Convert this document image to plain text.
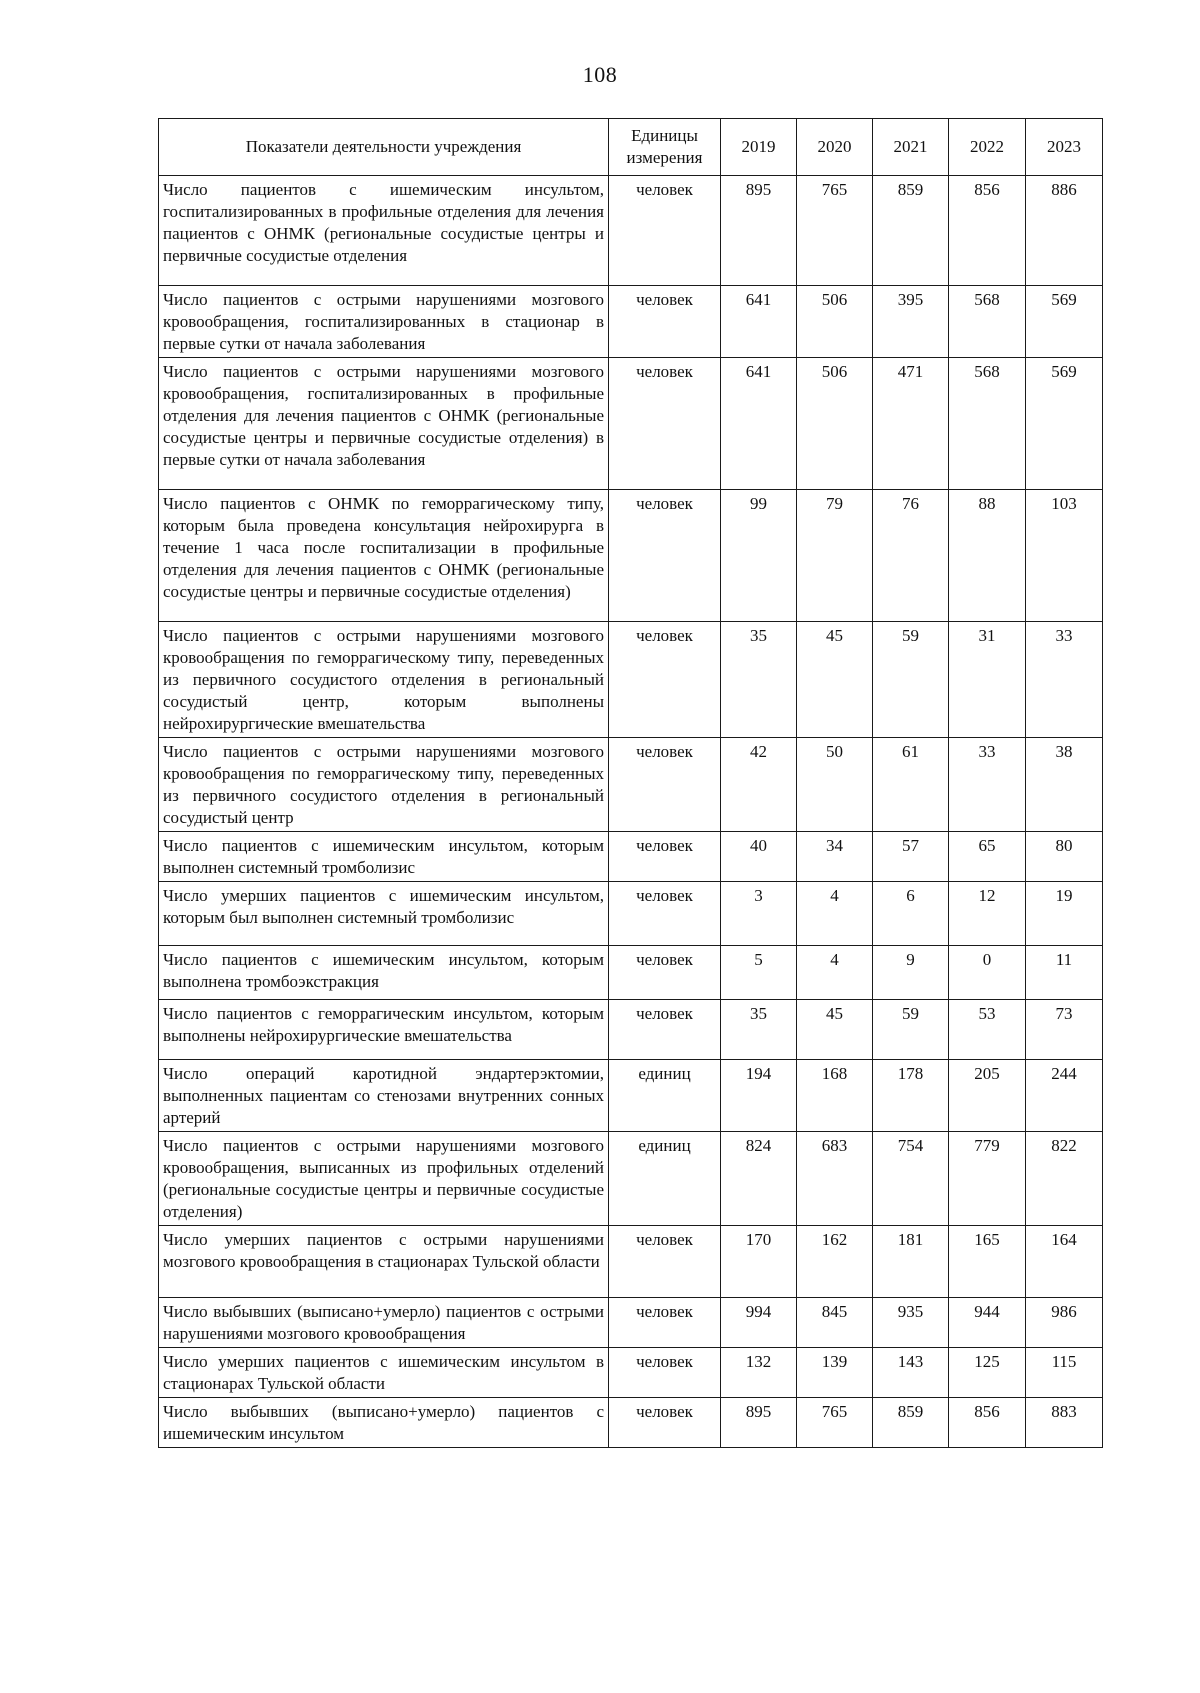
108
Показатели деятельности учреждения	Единицы измерения	2019	2020	2021	2022	2023
Число пациентов с ишемическим инсультом, госпитализированных в профильные отделения для лечения пациентов с ОНМК (региональные сосудистые центры и первичные сосудистые отделения	человек	895	765	859	856	886
Число пациентов с острыми нарушениями мозгового кровообращения, госпитализированных в стационар в первые сутки от начала заболевания	человек	641	506	395	568	569
Число пациентов с острыми нарушениями мозгового кровообращения, госпитализированных в профильные отделения для лечения пациентов с ОНМК (региональные сосудистые центры и первичные сосудистые отделения) в первые сутки от начала заболевания	человек	641	506	471	568	569
Число пациентов с ОНМК по геморрагическому типу, которым была проведена консультация нейрохирурга в течение 1 часа после госпитализации в профильные отделения для лечения пациентов с ОНМК (региональные сосудистые центры и первичные сосудистые отделения)	человек	99	79	76	88	103
Число пациентов с острыми нарушениями мозгового кровообращения по геморрагическому типу, переведенных из первичного сосудистого отделения в региональный сосудистый центр, которым выполнены нейрохирургические вмешательства	человек	35	45	59	31	33
Число пациентов с острыми нарушениями мозгового кровообращения по геморрагическому типу, переведенных из первичного сосудистого отделения в региональный сосудистый центр	человек	42	50	61	33	38
Число пациентов с ишемическим инсультом, которым выполнен системный тромболизис	человек	40	34	57	65	80
Число умерших пациентов с ишемическим инсультом, которым был выполнен системный тромболизис	человек	3	4	6	12	19
Число пациентов с ишемическим инсультом, которым выполнена тромбоэкстракция	человек	5	4	9	0	11
Число пациентов с геморрагическим инсультом, которым выполнены нейрохирургические вмешательства	человек	35	45	59	53	73
Число операций каротидной эндартерэктомии, выполненных пациентам со стенозами внутренних сонных артерий	единиц	194	168	178	205	244
Число пациентов с острыми нарушениями мозгового кровообращения, выписанных из профильных отделений (региональные сосудистые центры и первичные сосудистые отделения)	единиц	824	683	754	779	822
Число умерших пациентов с острыми нарушениями мозгового кровообращения в стационарах Тульской области	человек	170	162	181	165	164
Число выбывших (выписано+умерло) пациентов с острыми нарушениями мозгового кровообращения	человек	994	845	935	944	986
Число умерших пациентов с ишемическим инсультом в стационарах Тульской области	человек	132	139	143	125	115
Число выбывших (выписано+умерло) пациентов с ишемическим инсультом	человек	895	765	859	856	883
